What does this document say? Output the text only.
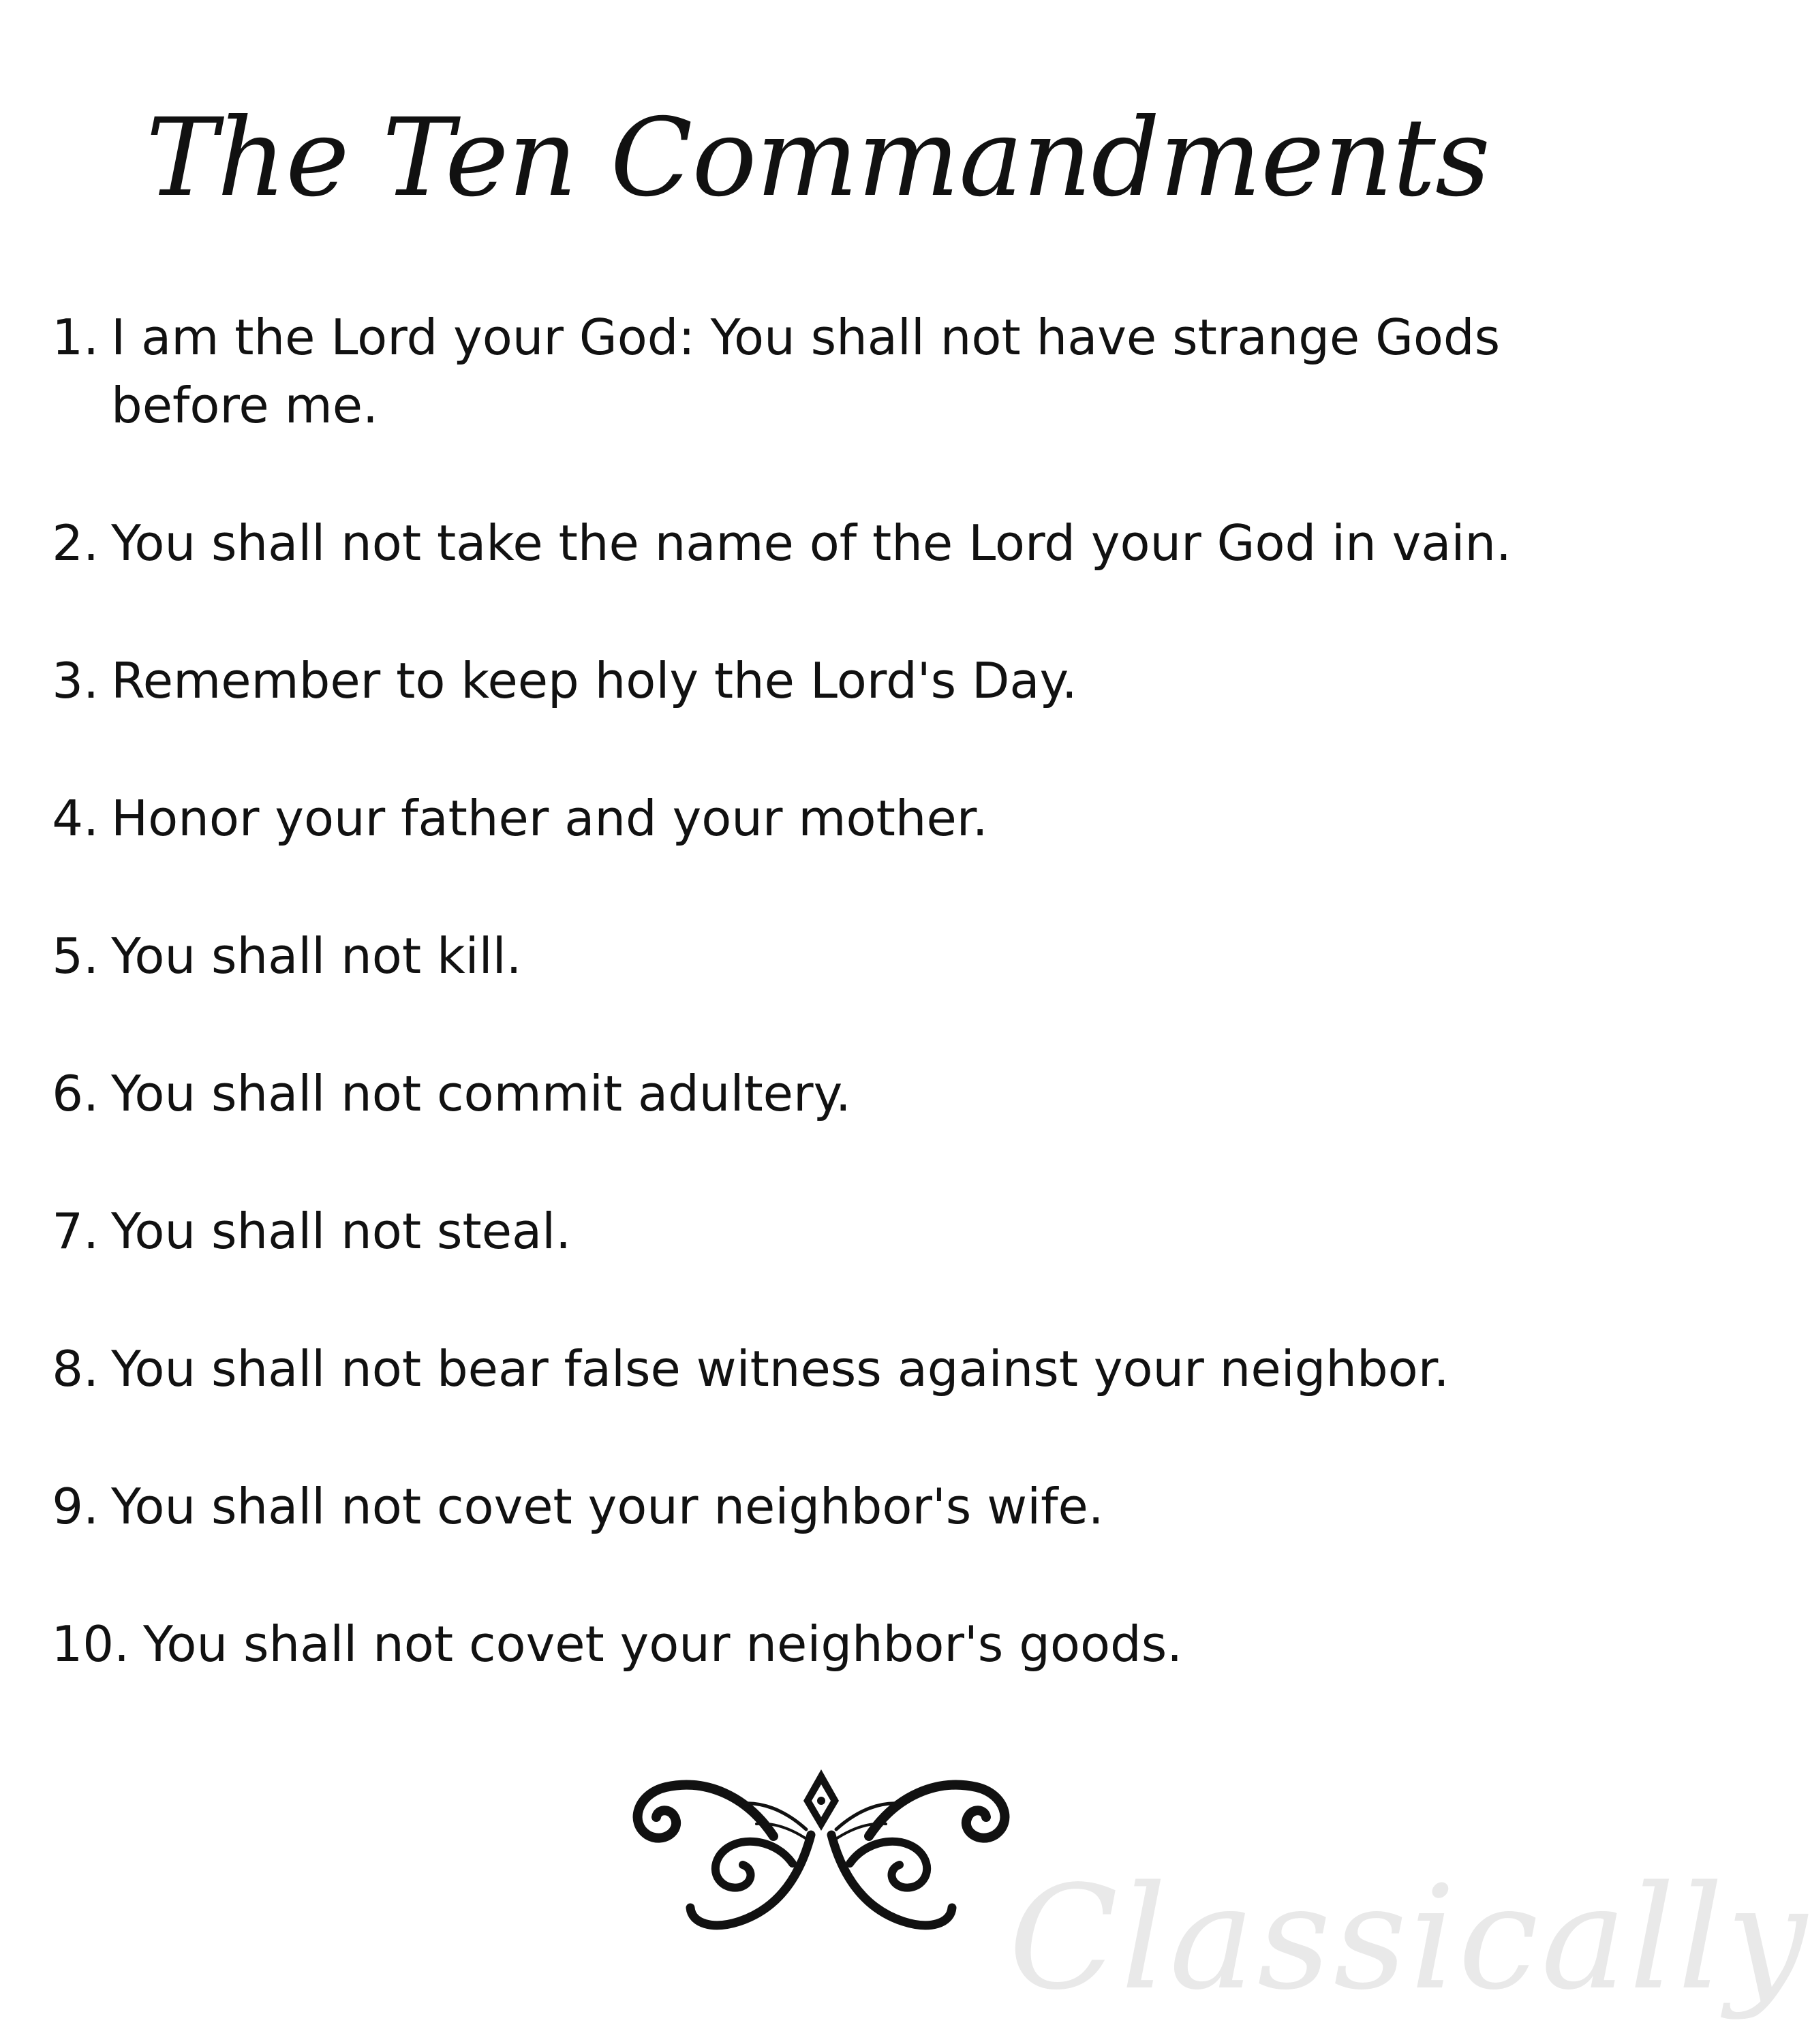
The Ten Commandments
1. I am the Lord your God: You shall not have strange Gods before me.
2. You shall not take the name of the Lord your God in vain.
3. Remember to keep holy the Lord's Day.
4. Honor your father and your mother.
5. You shall not kill.
6. You shall not commit adultery.
7. You shall not steal.
8. You shall not bear false witness against your neighbor.
9. You shall not covet your neighbor's wife.
10. You shall not covet your neighbor's goods.
Classically
